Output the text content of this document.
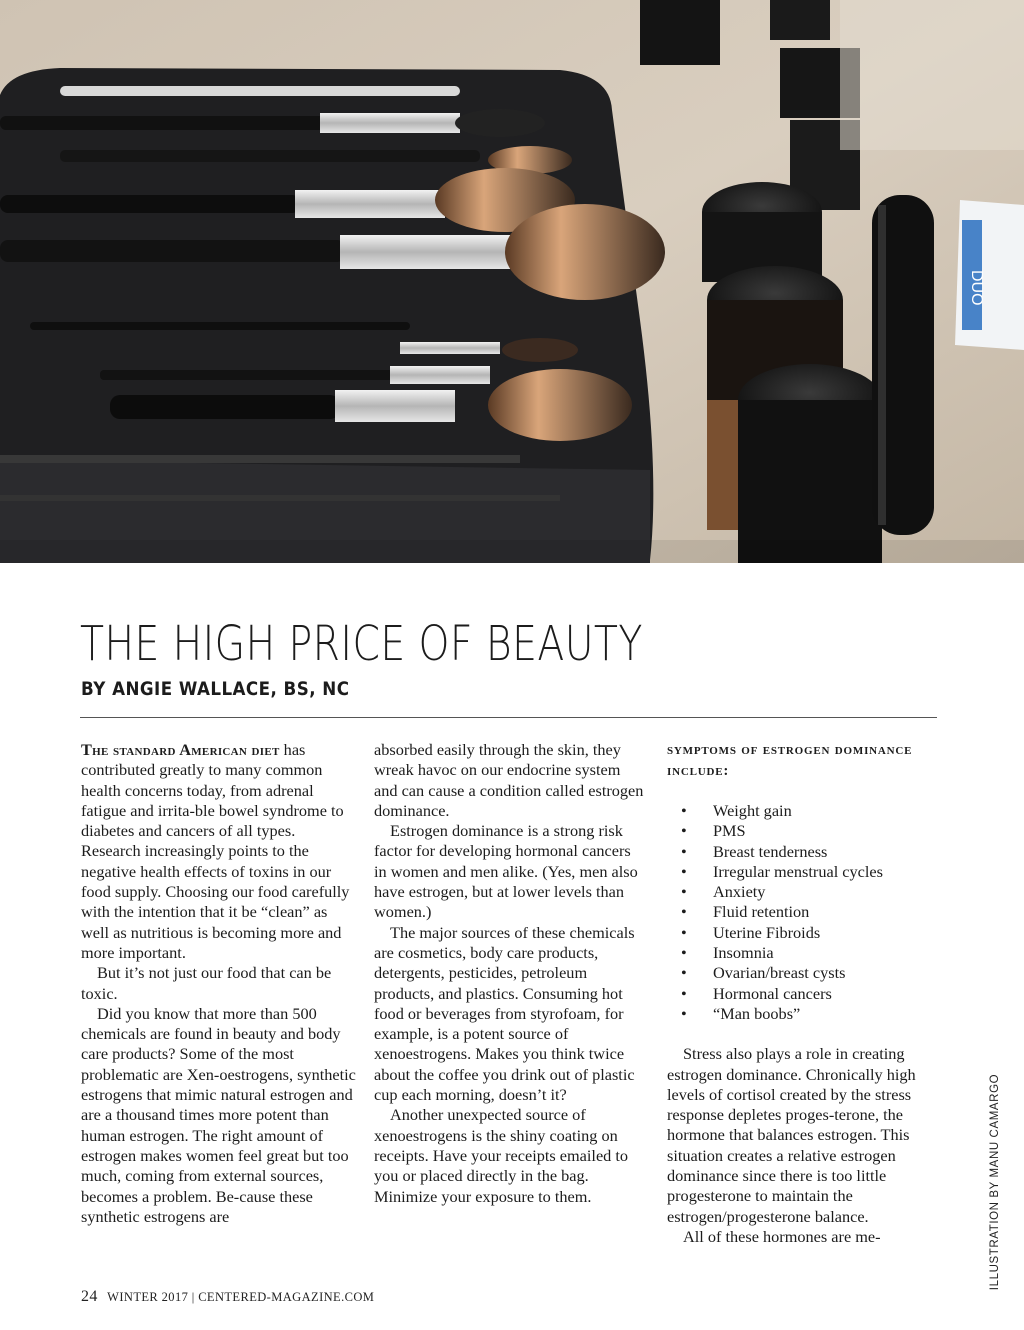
DUO
THE HIGH PRICE OF BEAUTY
BY ANGIE WALLACE, BS, NC

The standard American diet has contributed greatly to many common health concerns today, from adrenal fatigue and irrita-ble bowel syndrome to diabetes and cancers of all types. Research increasingly points to the negative health effects of toxins in our food supply. Choosing our food carefully with the intention that it be “clean” as well as nutritious is becoming more and more important.

But it’s not just our food that can be toxic.

Did you know that more than 500 chemicals are found in beauty and body care products? Some of the most problematic are Xen-oestrogens, synthetic estrogens that mimic natural estrogen and are a thousand times more potent than human estrogen. The right amount of estrogen makes women feel great but too much, coming from external sources, becomes a problem. Be-cause these synthetic estrogens are

absorbed easily through the skin, they wreak havoc on our endocrine system and can cause a condition called estrogen dominance.

Estrogen dominance is a strong risk factor for developing hormonal cancers in women and men alike. (Yes, men also have estrogen, but at lower levels than women.)

The major sources of these chemicals are cosmetics, body care products, detergents, pesticides, petroleum products, and plastics. Consuming hot food or beverages from styrofoam, for example, is a potent source of xenoestrogens. Makes you think twice about the coffee you drink out of plastic cup each morning, doesn’t it?

Another unexpected source of xenoestrogens is the shiny coating on receipts. Have your receipts emailed to you or placed directly in the bag. Minimize your exposure to them.

symptoms of estrogen dominance include:

• Weight gain
• PMS
• Breast tenderness
• Irregular menstrual cycles
• Anxiety
• Fluid retention
• Uterine Fibroids
• Insomnia
• Ovarian/breast cysts
• Hormonal cancers
• “Man boobs”

Stress also plays a role in creating estrogen dominance. Chronically high levels of cortisol created by the stress response depletes proges-terone, the hormone that balances estrogen. This situation creates a relative estrogen dominance since there is too little progesterone to maintain the estrogen/progesterone balance.

All of these hormones are me-

24 WINTER 2017 | CENTERED-MAGAZINE.COM
ILLUSTRATION BY MANU CAMARGO
